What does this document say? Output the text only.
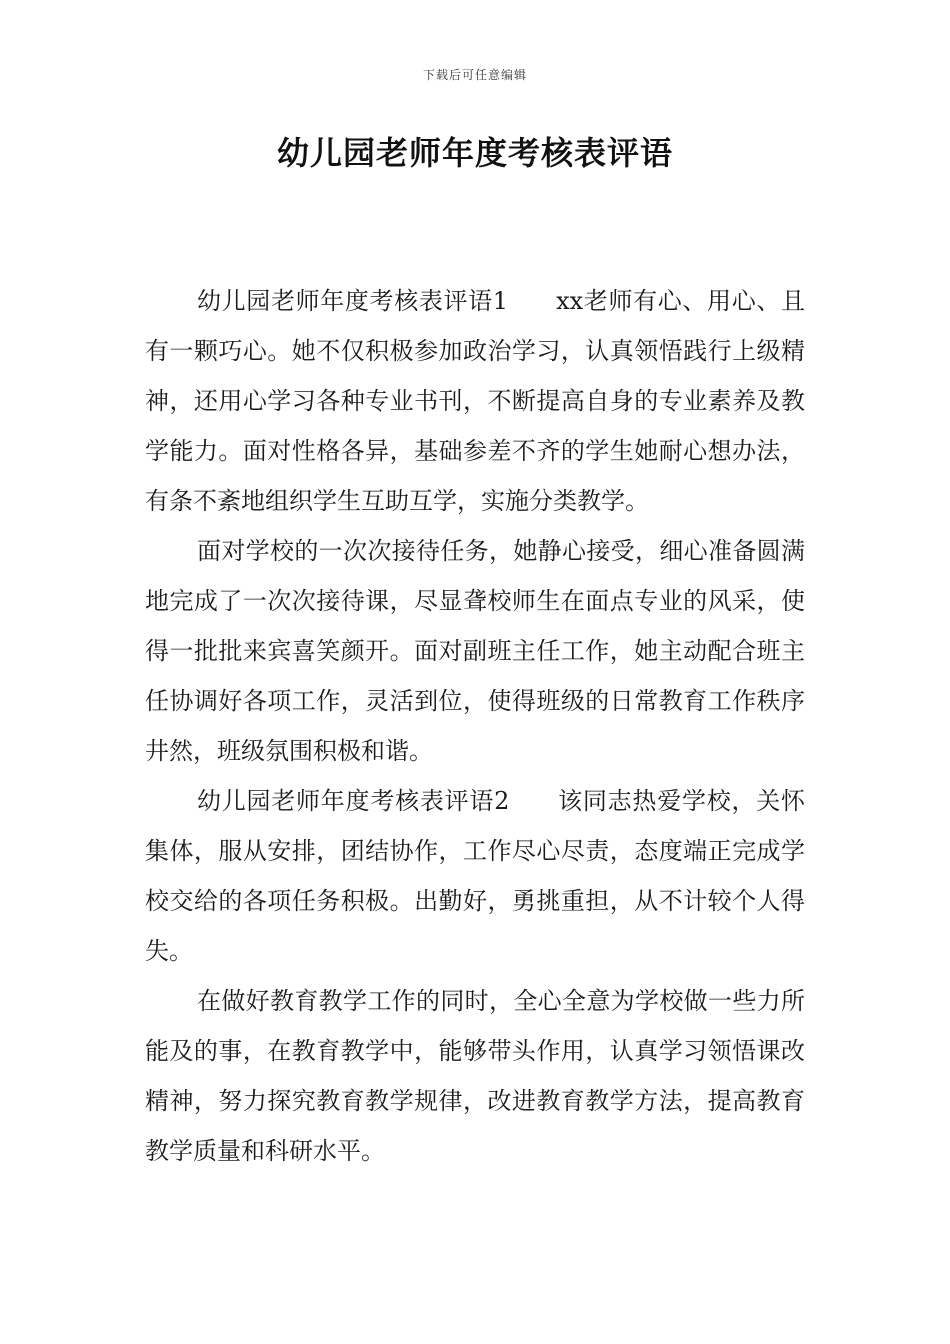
下载后可任意编辑
幼儿园老师年度考核表评语

幼儿园老师年度考核表评语1 xx老师有心、用心、且有一颗巧心。她不仅积极参加政治学习，认真领悟践行上级精神，还用心学习各种专业书刊，不断提高自身的专业素养及教学能力。面对性格各异，基础参差不齐的学生她耐心想办法，有条不紊地组织学生互助互学，实施分类教学。

面对学校的一次次接待任务，她静心接受，细心准备圆满地完成了一次次接待课，尽显聋校师生在面点专业的风采，使得一批批来宾喜笑颜开。面对副班主任工作，她主动配合班主任协调好各项工作，灵活到位，使得班级的日常教育工作秩序井然，班级氛围积极和谐。

幼儿园老师年度考核表评语2 该同志热爱学校，关怀集体，服从安排，团结协作，工作尽心尽责，态度端正完成学校交给的各项任务积极。出勤好，勇挑重担，从不计较个人得失。

在做好教育教学工作的同时，全心全意为学校做一些力所能及的事，在教育教学中，能够带头作用，认真学习领悟课改精神，努力探究教育教学规律，改进教育教学方法，提高教育教学质量和科研水平。
